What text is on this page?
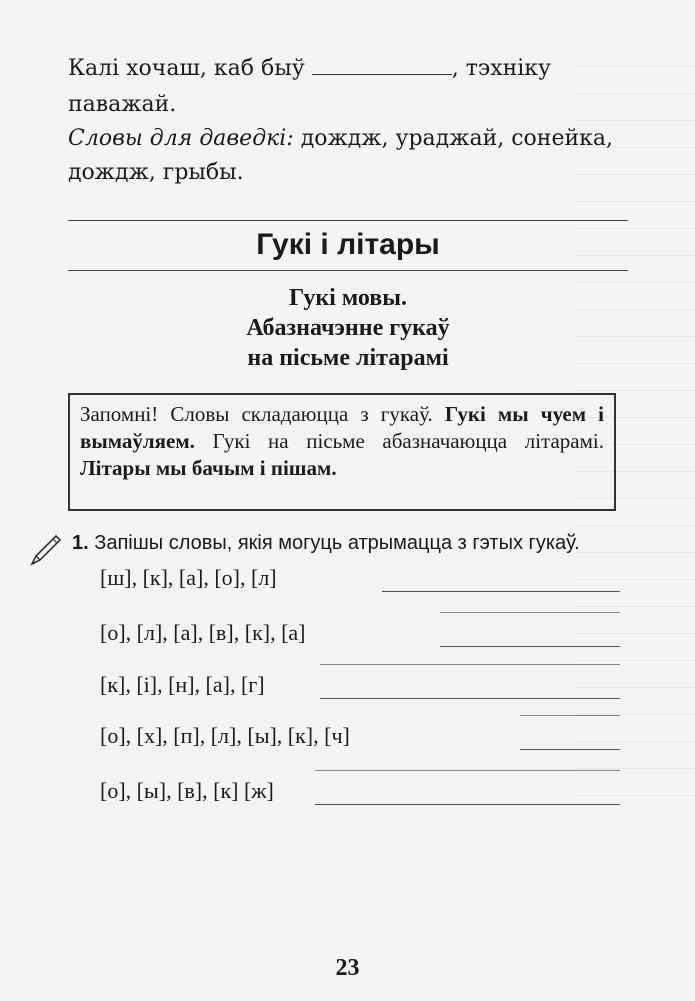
Калі хочаш, каб быў	, тэхніку
паважай.
Словы для даведкі: дождж, ураджай, сонейка, дождж, грыбы.
Гукі і літары
Гукі мовы.
Абазначэнне гукаў
на пісьме літарамі
Запомні! Словы складаюцца з гукаў. Гукі мы чуем і вымаўляем. Гукі на пісьме абазначаюцца літарамі. Літары мы бачым і пішам.
1. Запішы словы, якія могуць атрымацца з гэтых гукаў.
[ш], [к], [а], [о], [л]
[о], [л], [а], [в], [к], [а]
[к], [і], [н], [а], [г]
[о], [х], [п], [л], [ы], [к], [ч]
[о], [ы], [в], [к] [ж]
23
